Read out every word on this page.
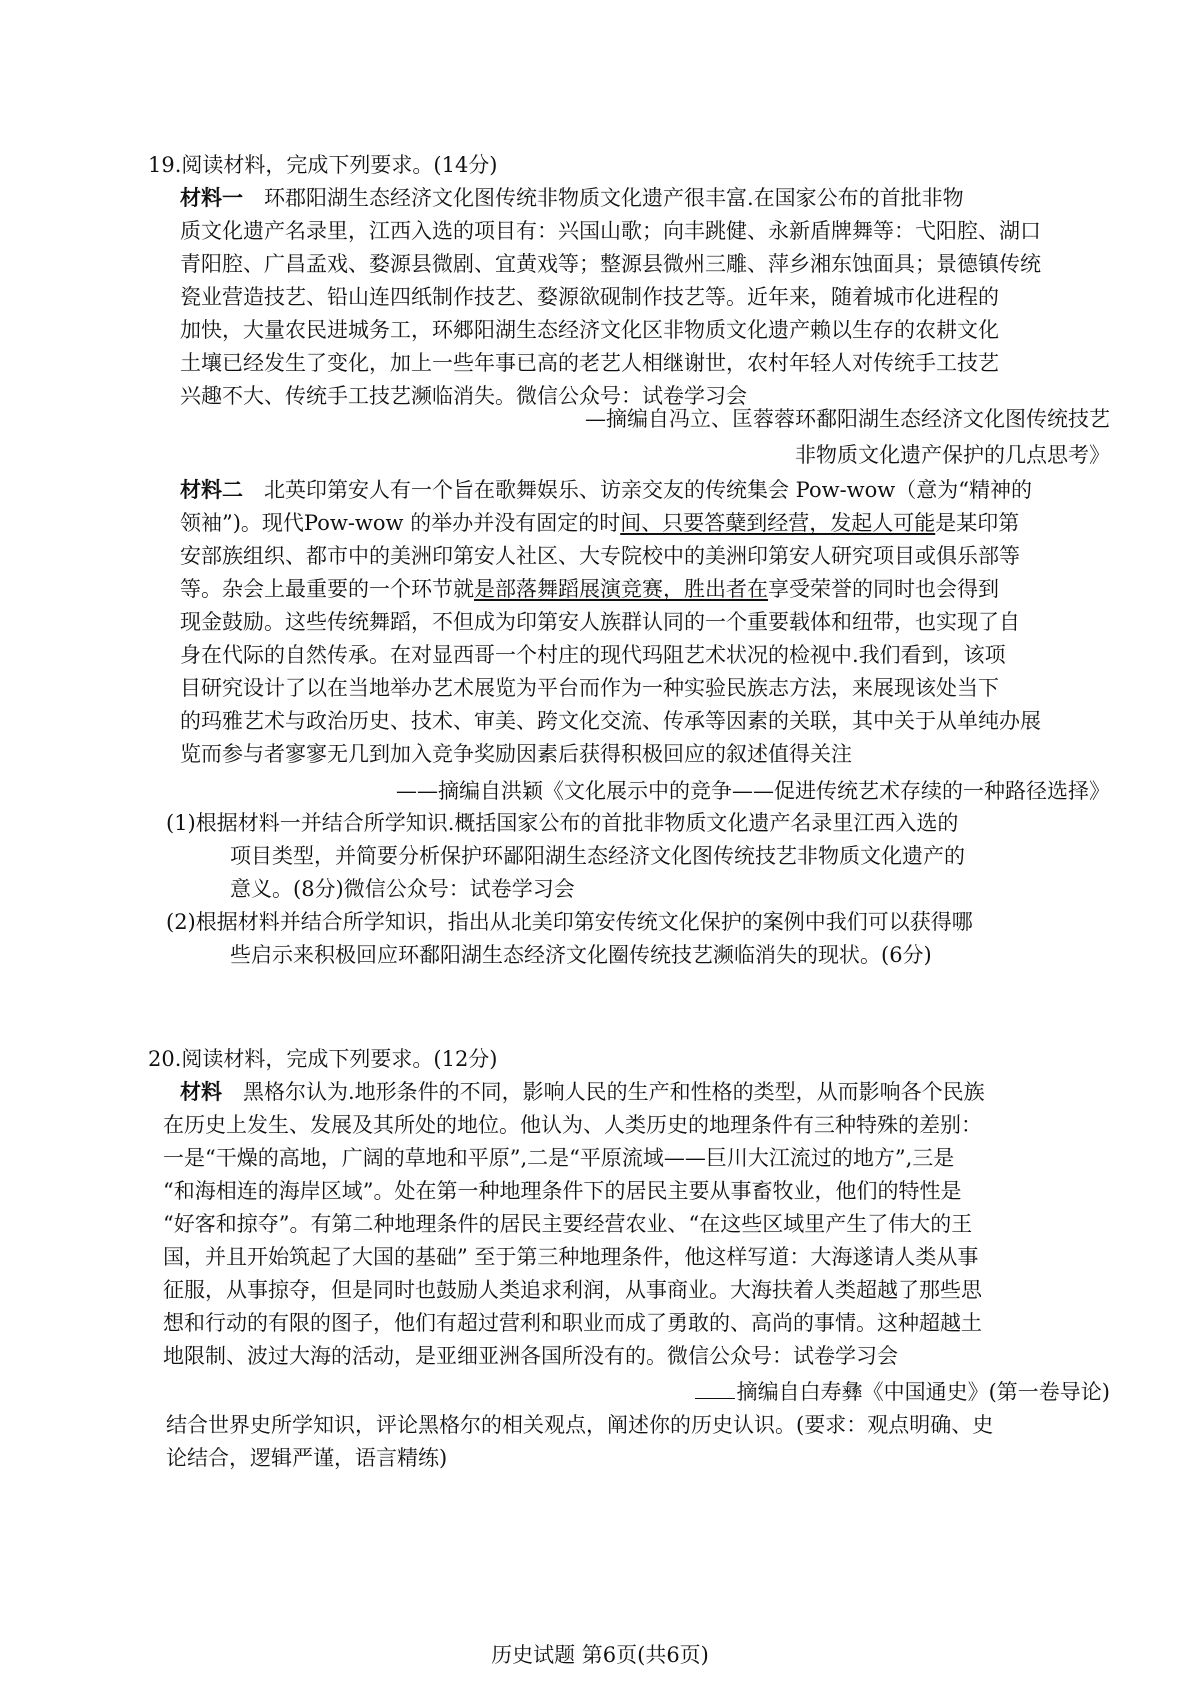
19.阅读材料，完成下列要求。(14分)
材料一　 环郡阳湖生态经济文化图传统非物质文化遗产很丰富.在国家公布的首批非物
质文化遗产名录里，江西入选的项目有：兴国山歌；向丰跳健、永新盾牌舞等：弋阳腔、湖口
青阳腔、广昌孟戏、婺源县微剧、宜黄戏等；整源县微州三雕、萍乡湘东蚀面具；景德镇传统
瓷业营造技艺、铅山连四纸制作技艺、婺源欲砚制作技艺等。近年来，随着城市化进程的
加快，大量农民进城务工，环郷阳湖生态经济文化区非物质文化遗产赖以生存的农耕文化
土壤已经发生了变化，加上一些年事已高的老艺人相继谢世，农村年轻人对传统手工技艺
兴趣不大、传统手工技艺濒临消失。微信公众号：试卷学习会
—摘编自冯立、匡蓉蓉环鄱阳湖生态经济文化图传统技艺
非物质文化遗产保护的几点思考》
材料二　 北英印第安人有一个旨在歌舞娱乐、访亲交友的传统集会 Pow-wow（意为“精神的
领袖”)。现代Pow-wow 的举办并没有固定的时间、只要答蘖到经营，发起人可能是某印第
安部族组织、都市中的美洲印第安人社区、大专院校中的美洲印第安人研究项目或俱乐部等
等。杂会上最重要的一个环节就是部落舞蹈展演竞赛，胜出者在享受荣誉的同时也会得到
现金鼓励。这些传统舞蹈，不但成为印第安人族群认同的一个重要载体和纽带，也实现了自
身在代际的自然传承。在对显西哥一个村庄的现代玛阻艺术状况的检视中.我们看到，该项
目研究设计了以在当地举办艺术展览为平台而作为一种实验民族志方法，来展现该处当下
的玛雅艺术与政治历史、技术、审美、跨文化交流、传承等因素的关联，其中关于从单纯办展
览而参与者寥寥无几到加入竞争奖励因素后获得积极回应的叙述值得关注
——摘编自洪颖《文化展示中的竞争——促进传统艺术存续的一种路径选择》
(1)根据材料一并结合所学知识.概括国家公布的首批非物质文化遗产名录里江西入选的
项目类型，并简要分析保护环鄙阳湖生态经济文化图传统技艺非物质文化遗产的
意义。(8分)微信公众号：试卷学习会
(2)根据材料并结合所学知识，指出从北美印第安传统文化保护的案例中我们可以获得哪
些启示来积极回应环鄱阳湖生态经济文化圈传统技艺濒临消失的现状。(6分)
20.阅读材料，完成下列要求。(12分)
材料　 黑格尔认为.地形条件的不同，影响人民的生产和性格的类型，从而影响各个民族
在历史上发生、发展及其所处的地位。他认为、人类历史的地理条件有三种特殊的差别：
一是“干燥的高地，广阔的草地和平原”,二是“平原流域——巨川大江流过的地方”,三是
“和海相连的海岸区域”。处在第一种地理条件下的居民主要从事畜牧业，他们的特性是
“好客和掠夺”。有第二种地理条件的居民主要经营农业、“在这些区域里产生了伟大的王
国，并且开始筑起了大国的基础” 至于第三种地理条件，他这样写道：大海遂请人类从事
征服，从事掠夺，但是同时也鼓励人类追求利润，从事商业。大海扶着人类超越了那些思
想和行动的有限的图子，他们有超过营利和职业而成了勇敢的、高尚的事情。这种超越土
地限制、波过大海的活动，是亚细亚洲各国所没有的。微信公众号：试卷学习会
摘编自白寿彝《中国通史》(第一卷导论)
结合世界史所学知识，评论黑格尔的相关观点，阐述你的历史认识。(要求：观点明确、史
论结合，逻辑严谨，语言精练)
历史试题 第6页(共6页)
